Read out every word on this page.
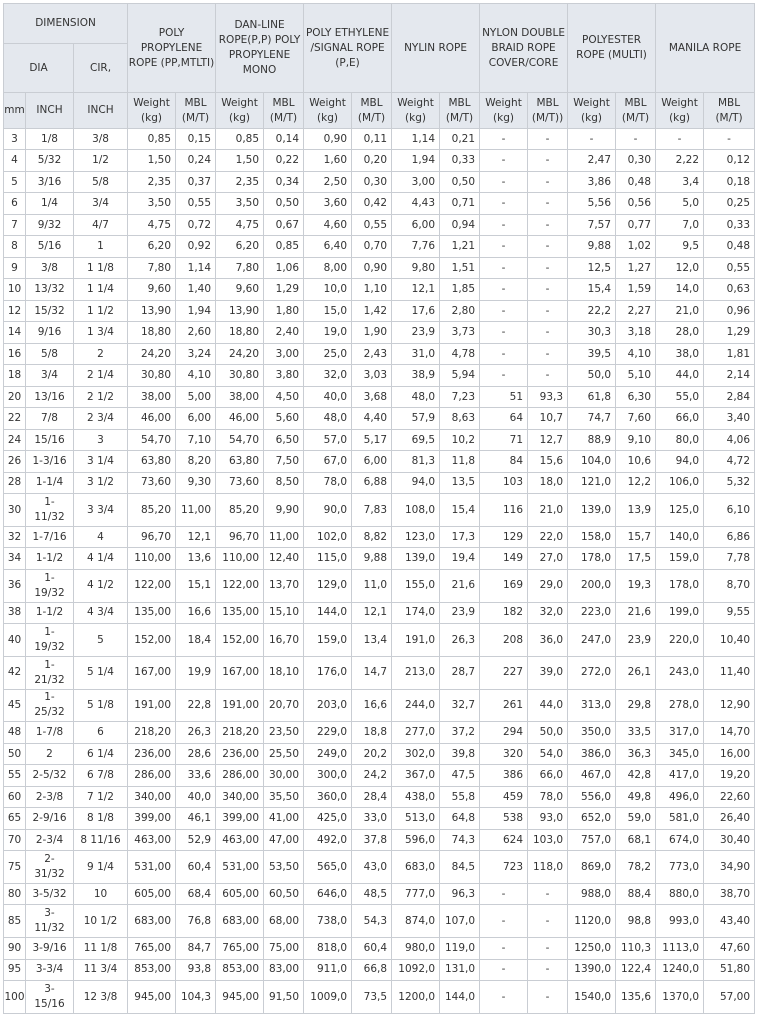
DIMENSION			POLY PROPYLENE ROPE (PP,MTLTI)		DAN-LINE ROPE(P,P) POLY PROPYLENE MONO		POLY ETHYLENE /SIGNAL ROPE (P,E)		NYLIN ROPE		NYLON DOUBLE BRAID ROPE COVER/CORE		POLYESTER ROPE (MULTI)		MANILA ROPE	
DIA		CIR,														
mm	INCH	INCH	Weight (kg)	MBL (M/T)	Weight (kg)	MBL (M/T)	Weight (kg)	MBL (M/T)	Weight (kg)	MBL (M/T)	Weight (kg)	MBL (M/T))	Weight (kg)	MBL (M/T)	Weight (kg)	MBL (M/T)
3	1/8	3/8	0,85	0,15	0,85	0,14	0,90	0,11	1,14	0,21	-	-	-	-	-	-
4	5/32	1/2	1,50	0,24	1,50	0,22	1,60	0,20	1,94	0,33	-	-	2,47	0,30	2,22	0,12
5	3/16	5/8	2,35	0,37	2,35	0,34	2,50	0,30	3,00	0,50	-	-	3,86	0,48	3,4	0,18
6	1/4	3/4	3,50	0,55	3,50	0,50	3,60	0,42	4,43	0,71	-	-	5,56	0,56	5,0	0,25
7	9/32	4/7	4,75	0,72	4,75	0,67	4,60	0,55	6,00	0,94	-	-	7,57	0,77	7,0	0,33
8	5/16	1	6,20	0,92	6,20	0,85	6,40	0,70	7,76	1,21	-	-	9,88	1,02	9,5	0,48
9	3/8	1 1/8	7,80	1,14	7,80	1,06	8,00	0,90	9,80	1,51	-	-	12,5	1,27	12,0	0,55
10	13/32	1 1/4	9,60	1,40	9,60	1,29	10,0	1,10	12,1	1,85	-	-	15,4	1,59	14,0	0,63
12	15/32	1 1/2	13,90	1,94	13,90	1,80	15,0	1,42	17,6	2,80	-	-	22,2	2,27	21,0	0,96
14	9/16	1 3/4	18,80	2,60	18,80	2,40	19,0	1,90	23,9	3,73	-	-	30,3	3,18	28,0	1,29
16	5/8	2	24,20	3,24	24,20	3,00	25,0	2,43	31,0	4,78	-	-	39,5	4,10	38,0	1,81
18	3/4	2 1/4	30,80	4,10	30,80	3,80	32,0	3,03	38,9	5,94	-	-	50,0	5,10	44,0	2,14
20	13/16	2 1/2	38,00	5,00	38,00	4,50	40,0	3,68	48,0	7,23	51	93,3	61,8	6,30	55,0	2,84
22	7/8	2 3/4	46,00	6,00	46,00	5,60	48,0	4,40	57,9	8,63	64	10,7	74,7	7,60	66,0	3,40
24	15/16	3	54,70	7,10	54,70	6,50	57,0	5,17	69,5	10,2	71	12,7	88,9	9,10	80,0	4,06
26	1-3/16	3 1/4	63,80	8,20	63,80	7,50	67,0	6,00	81,3	11,8	84	15,6	104,0	10,6	94,0	4,72
28	1-1/4	3 1/2	73,60	9,30	73,60	8,50	78,0	6,88	94,0	13,5	103	18,0	121,0	12,2	106,0	5,32
30	1-
11/32	3 3/4	85,20	11,00	85,20	9,90	90,0	7,83	108,0	15,4	116	21,0	139,0	13,9	125,0	6,10
32	1-7/16	4	96,70	12,1	96,70	11,00	102,0	8,82	123,0	17,3	129	22,0	158,0	15,7	140,0	6,86
34	1-1/2	4 1/4	110,00	13,6	110,00	12,40	115,0	9,88	139,0	19,4	149	27,0	178,0	17,5	159,0	7,78
36	1-
19/32	4 1/2	122,00	15,1	122,00	13,70	129,0	11,0	155,0	21,6	169	29,0	200,0	19,3	178,0	8,70
38	1-1/2	4 3/4	135,00	16,6	135,00	15,10	144,0	12,1	174,0	23,9	182	32,0	223,0	21,6	199,0	9,55
40	1-
19/32	5	152,00	18,4	152,00	16,70	159,0	13,4	191,0	26,3	208	36,0	247,0	23,9	220,0	10,40
42	1-
21/32	5 1/4	167,00	19,9	167,00	18,10	176,0	14,7	213,0	28,7	227	39,0	272,0	26,1	243,0	11,40
45	1-
25/32	5 1/8	191,00	22,8	191,00	20,70	203,0	16,6	244,0	32,7	261	44,0	313,0	29,8	278,0	12,90
48	1-7/8	6	218,20	26,3	218,20	23,50	229,0	18,8	277,0	37,2	294	50,0	350,0	33,5	317,0	14,70
50	2	6 1/4	236,00	28,6	236,00	25,50	249,0	20,2	302,0	39,8	320	54,0	386,0	36,3	345,0	16,00
55	2-5/32	6 7/8	286,00	33,6	286,00	30,00	300,0	24,2	367,0	47,5	386	66,0	467,0	42,8	417,0	19,20
60	2-3/8	7 1/2	340,00	40,0	340,00	35,50	360,0	28,4	438,0	55,8	459	78,0	556,0	49,8	496,0	22,60
65	2-9/16	8 1/8	399,00	46,1	399,00	41,00	425,0	33,0	513,0	64,8	538	93,0	652,0	59,0	581,0	26,40
70	2-3/4	8 11/16	463,00	52,9	463,00	47,00	492,0	37,8	596,0	74,3	624	103,0	757,0	68,1	674,0	30,40
75	2-
31/32	9 1/4	531,00	60,4	531,00	53,50	565,0	43,0	683,0	84,5	723	118,0	869,0	78,2	773,0	34,90
80	3-5/32	10	605,00	68,4	605,00	60,50	646,0	48,5	777,0	96,3	-	-	988,0	88,4	880,0	38,70
85	3-
11/32	10 1/2	683,00	76,8	683,00	68,00	738,0	54,3	874,0	107,0	-	-	1120,0	98,8	993,0	43,40
90	3-9/16	11 1/8	765,00	84,7	765,00	75,00	818,0	60,4	980,0	119,0	-	-	1250,0	110,3	1113,0	47,60
95	3-3/4	11 3/4	853,00	93,8	853,00	83,00	911,0	66,8	1092,0	131,0	-	-	1390,0	122,4	1240,0	51,80
100	3-
15/16	12 3/8	945,00	104,3	945,00	91,50	1009,0	73,5	1200,0	144,0	-	-	1540,0	135,6	1370,0	57,00
